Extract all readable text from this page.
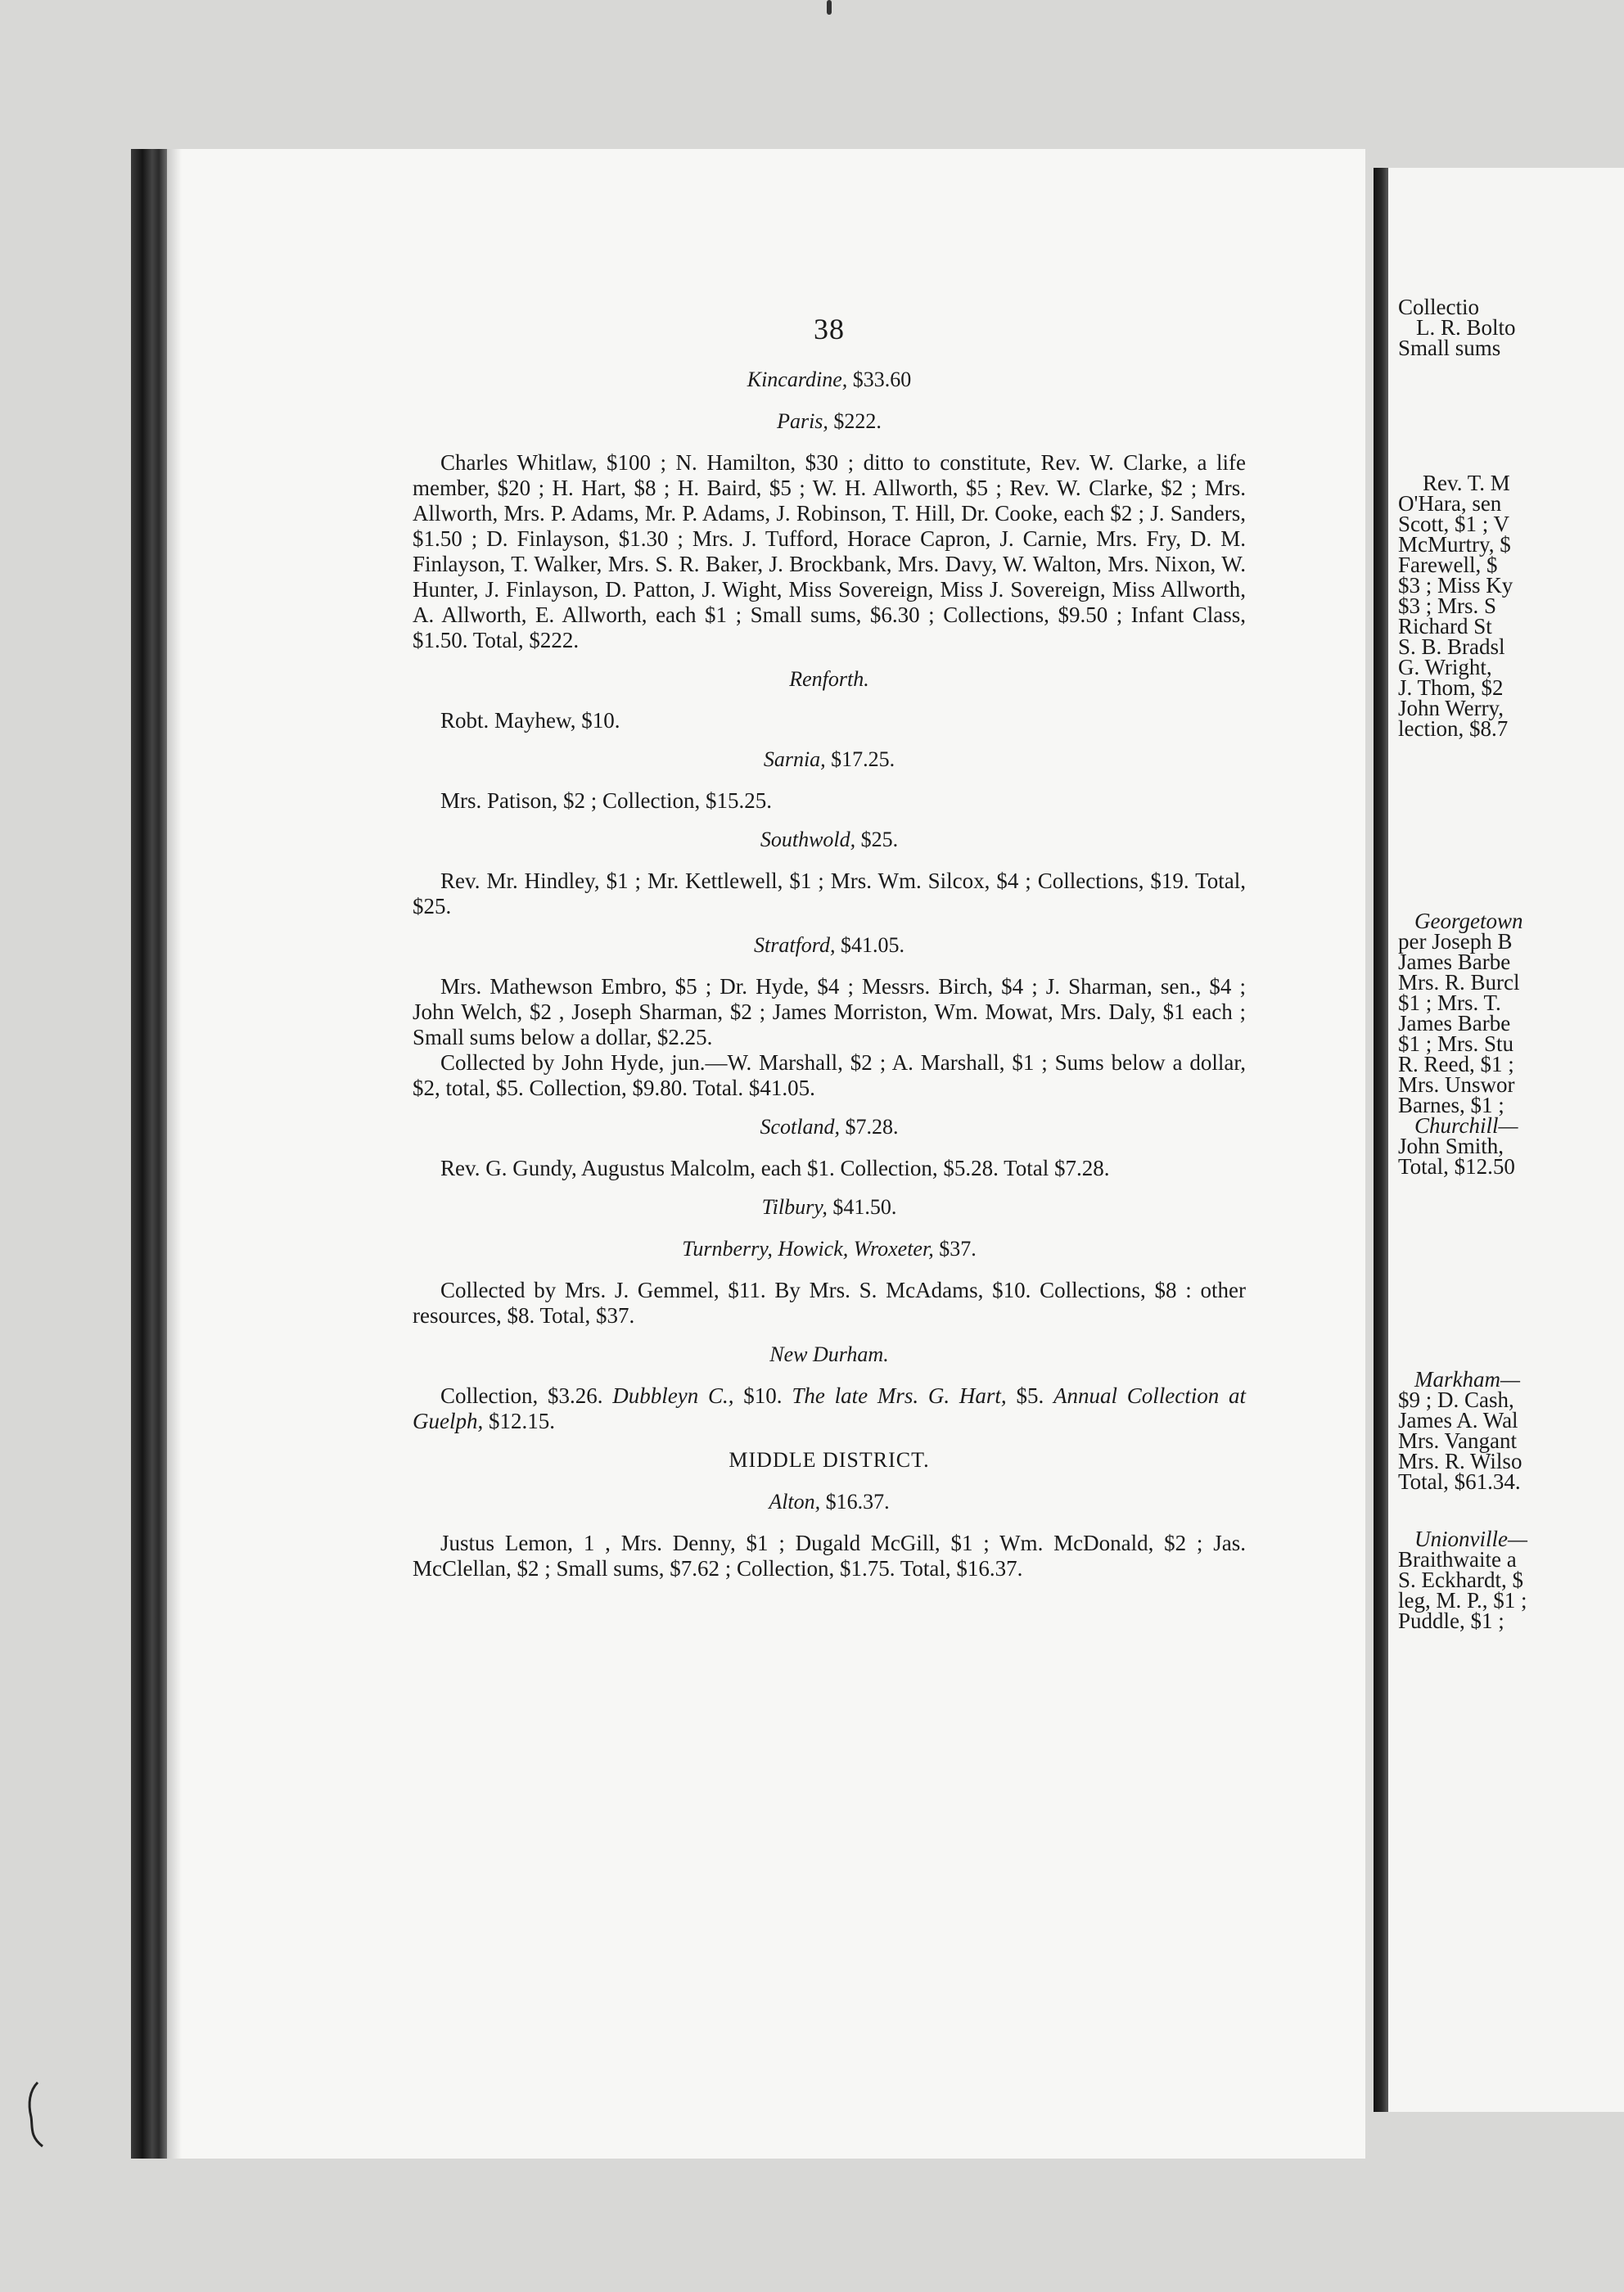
Collectio
L. R. Bolto
Small sums
Rev. T. M
O'Hara, sen
Scott, $1 ; V
McMurtry, $
Farewell, $
$3 ; Miss Ky
$3 ; Mrs. S
Richard St
S. B. Bradsl
G. Wright,
J. Thom, $2
John Werry,
lection, $8.7
Georgetown
per Joseph B
James Barbe
Mrs. R. Burcl
$1 ; Mrs. T.
James Barbe
$1 ; Mrs. Stu
R. Reed, $1 ;
Mrs. Unswor
Barnes, $1 ;
Churchill—
John Smith,
Total, $12.50
Markham—
$9 ; D. Cash,
James A. Wal
Mrs. Vangant
Mrs. R. Wilso
Total, $61.34.
Unionville—
Braithwaite a
S. Eckhardt, $
leg, M. P., $1 ;
Puddle, $1 ;
38
Kincardine, $33.60
Paris, $222.
Charles Whitlaw, $100 ; N. Hamilton, $30 ; ditto to constitute, Rev. W. Clarke, a life member, $20 ; H. Hart, $8 ; H. Baird, $5 ; W. H. Allworth, $5 ; Rev. W. Clarke, $2 ; Mrs. Allworth, Mrs. P. Adams, Mr. P. Adams, J. Robinson, T. Hill, Dr. Cooke, each $2 ; J. Sanders, $1.50 ; D. Finlayson, $1.30 ; Mrs. J. Tufford, Horace Capron, J. Carnie, Mrs. Fry, D. M. Finlayson, T. Walker, Mrs. S. R. Baker, J. Brockbank, Mrs. Davy, W. Walton, Mrs. Nixon, W. Hunter, J. Finlayson, D. Patton, J. Wight, Miss Sovereign, Miss J. Sovereign, Miss Allworth, A. Allworth, E. Allworth, each $1 ; Small sums, $6.30 ; Collections, $9.50 ; Infant Class, $1.50. Total, $222.
Renforth.
Robt. Mayhew, $10.
Sarnia, $17.25.
Mrs. Patison, $2 ; Collection, $15.25.
Southwold, $25.
Rev. Mr. Hindley, $1 ; Mr. Kettlewell, $1 ; Mrs. Wm. Silcox, $4 ; Collections, $19. Total, $25.
Stratford, $41.05.
Mrs. Mathewson Embro, $5 ; Dr. Hyde, $4 ; Messrs. Birch, $4 ; J. Sharman, sen., $4 ; John Welch, $2 , Joseph Sharman, $2 ; James Morriston, Wm. Mowat, Mrs. Daly, $1 each ; Small sums below a dollar, $2.25.
Collected by John Hyde, jun.—W. Marshall, $2 ; A. Marshall, $1 ; Sums below a dollar, $2, total, $5. Collection, $9.80. Total. $41.05.
Scotland, $7.28.
Rev. G. Gundy, Augustus Malcolm, each $1. Collection, $5.28. Total $7.28.
Tilbury, $41.50.
Turnberry, Howick, Wroxeter, $37.
Collected by Mrs. J. Gemmel, $11. By Mrs. S. McAdams, $10. Collections, $8 : other resources, $8. Total, $37.
New Durham.
Collection, $3.26. Dubbleyn C., $10. The late Mrs. G. Hart, $5. Annual Collection at Guelph, $12.15.
MIDDLE DISTRICT.
Alton, $16.37.
Justus Lemon, 1 , Mrs. Denny, $1 ; Dugald McGill, $1 ; Wm. McDonald, $2 ; Jas. McClellan, $2 ; Small sums, $7.62 ; Collection, $1.75. Total, $16.37.
